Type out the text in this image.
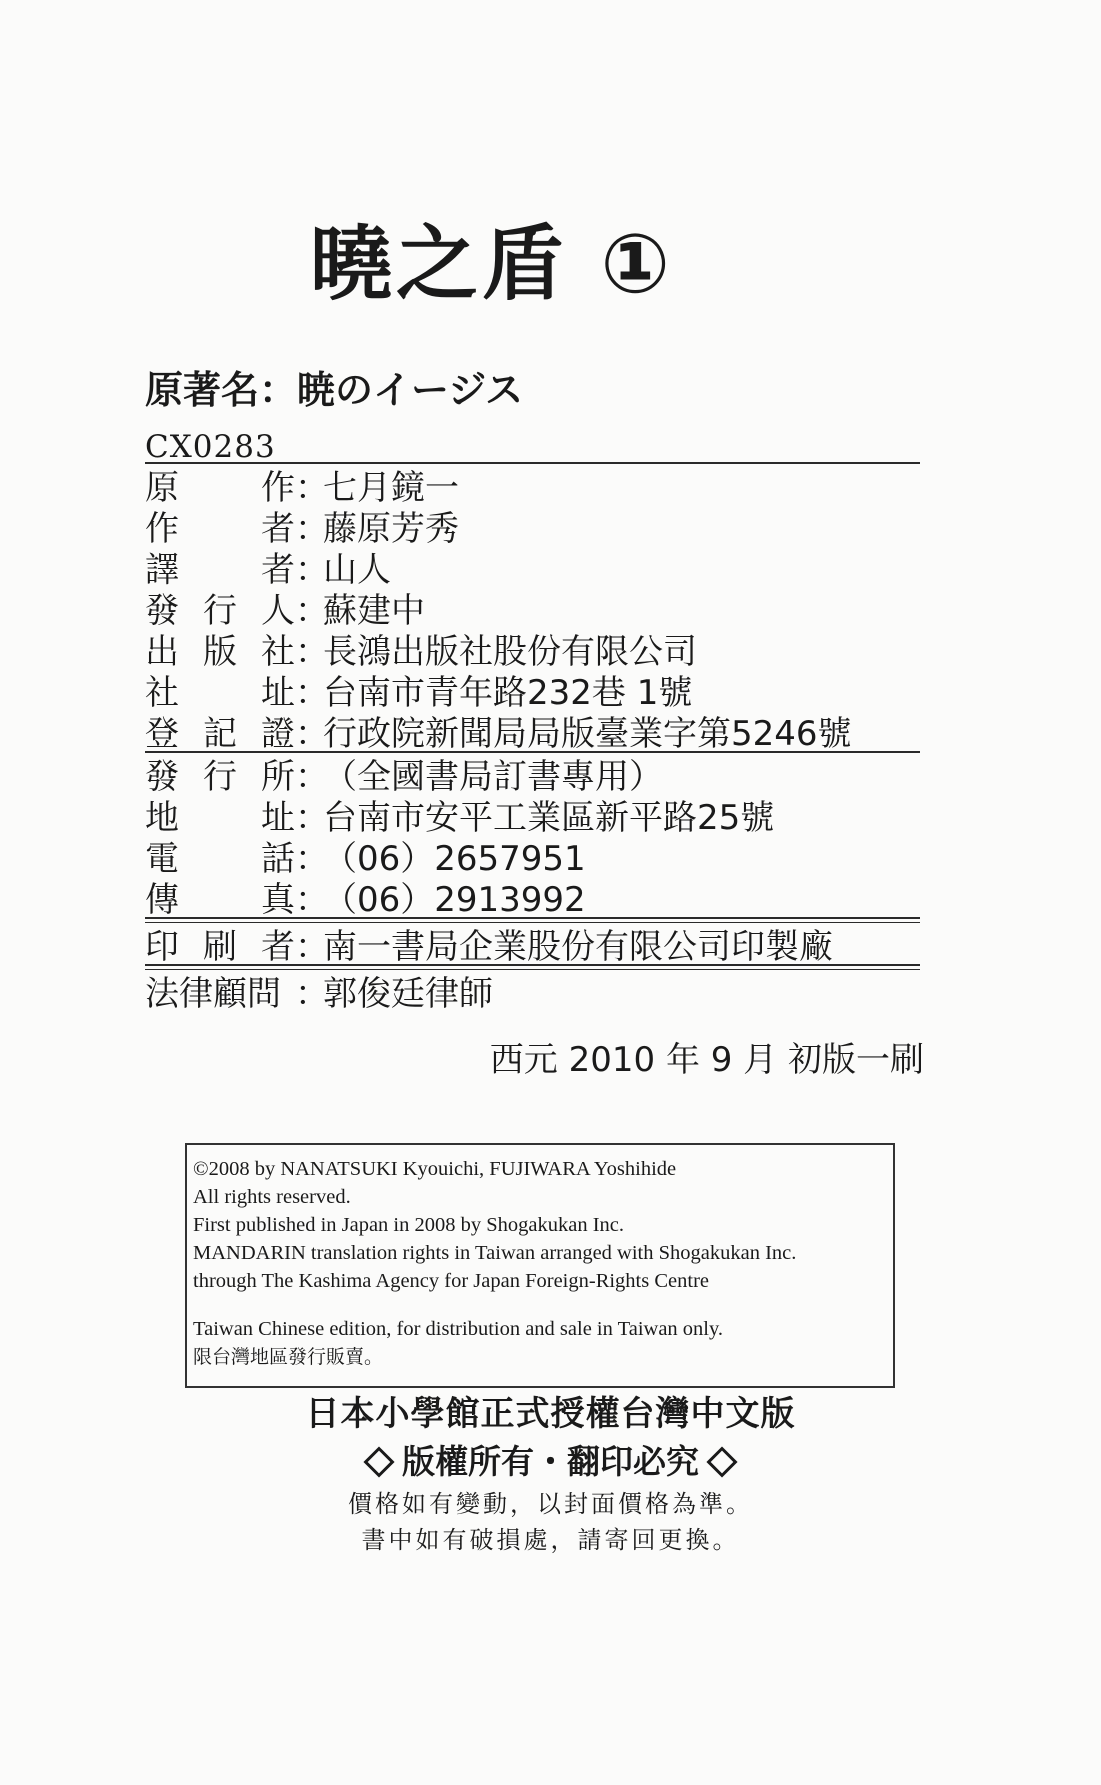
曉之盾 ①
原著名：暁のイージス
CX0283
原 作 ：
七月鏡一
作 者 ：
藤原芳秀
譯 者 ：
山人
發 行 人 ：
蘇建中
出 版 社 ：
長鴻出版社股份有限公司
社 址 ：
台南市青年路232巷 1號
登 記 證 ：
行政院新聞局局版臺業字第5246號
發 行 所 ：
（全國書局訂書專用）
地 址 ：
台南市安平工業區新平路25號
電 話 ：
（06）2657951
傳 真 ：
（06）2913992
印 刷 者 ：
南一書局企業股份有限公司印製廠
法律顧問 ：
郭俊廷律師
西元 2010 年 9 月 初版一刷
©2008 by NANATSUKI Kyouichi, FUJIWARA Yoshihide
All rights reserved.
First published in Japan in 2008 by Shogakukan Inc.
MANDARIN translation rights in Taiwan arranged with Shogakukan Inc.
through The Kashima Agency for Japan Foreign-Rights Centre
Taiwan Chinese edition, for distribution and sale in Taiwan only.
限台灣地區發行販賣。
日本小學館正式授權台灣中文版
版權所有・翻印必究
價格如有變動，以封面價格為準。
書中如有破損處，請寄回更換。
